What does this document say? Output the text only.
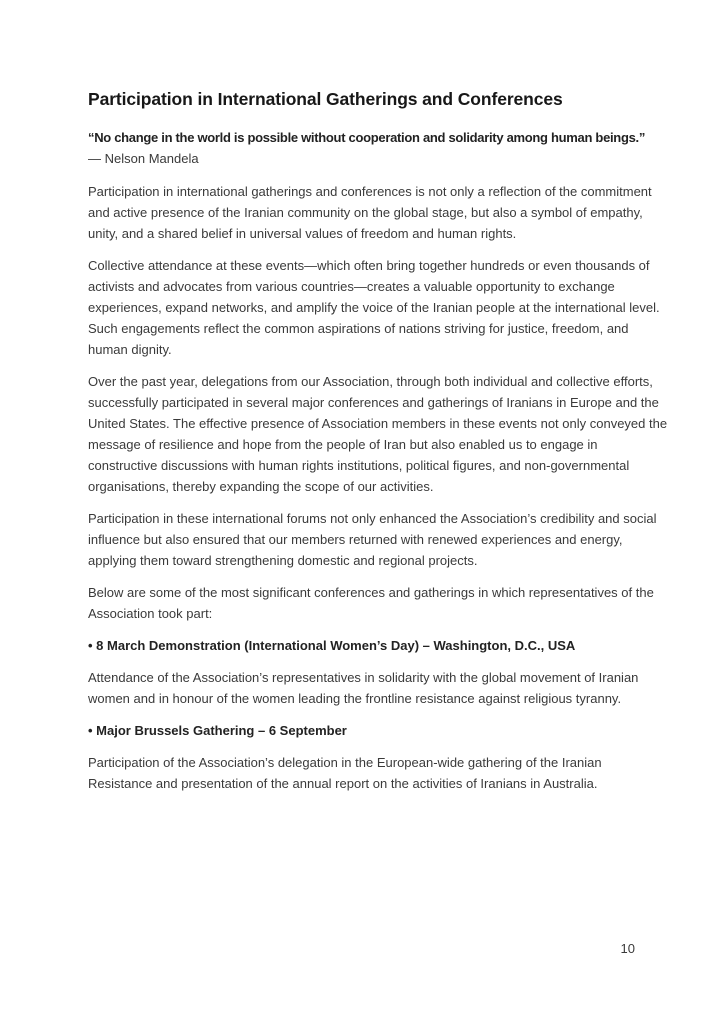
Participation in International Gatherings and Conferences

“No change in the world is possible without cooperation and solidarity among human beings.”

— Nelson Mandela

Participation in international gatherings and conferences is not only a reflection of the commitment and active presence of the Iranian community on the global stage, but also a symbol of empathy, unity, and a shared belief in universal values of freedom and human rights.

Collective attendance at these events—which often bring together hundreds or even thousands of activists and advocates from various countries—creates a valuable opportunity to exchange experiences, expand networks, and amplify the voice of the Iranian people at the international level. Such engagements reflect the common aspirations of nations striving for justice, freedom, and human dignity.

Over the past year, delegations from our Association, through both individual and collective efforts, successfully participated in several major conferences and gatherings of Iranians in Europe and the United States. The effective presence of Association members in these events not only conveyed the message of resilience and hope from the people of Iran but also enabled us to engage in constructive discussions with human rights institutions, political figures, and non-governmental organisations, thereby expanding the scope of our activities.

Participation in these international forums not only enhanced the Association’s credibility and social influence but also ensured that our members returned with renewed experiences and energy, applying them toward strengthening domestic and regional projects.

Below are some of the most significant conferences and gatherings in which representatives of the Association took part:

• 8 March Demonstration (International Women’s Day) – Washington, D.C., USA

Attendance of the Association’s representatives in solidarity with the global movement of Iranian women and in honour of the women leading the frontline resistance against religious tyranny.

• Major Brussels Gathering – 6 September

Participation of the Association’s delegation in the European-wide gathering of the Iranian Resistance and presentation of the annual report on the activities of Iranians in Australia.

10
